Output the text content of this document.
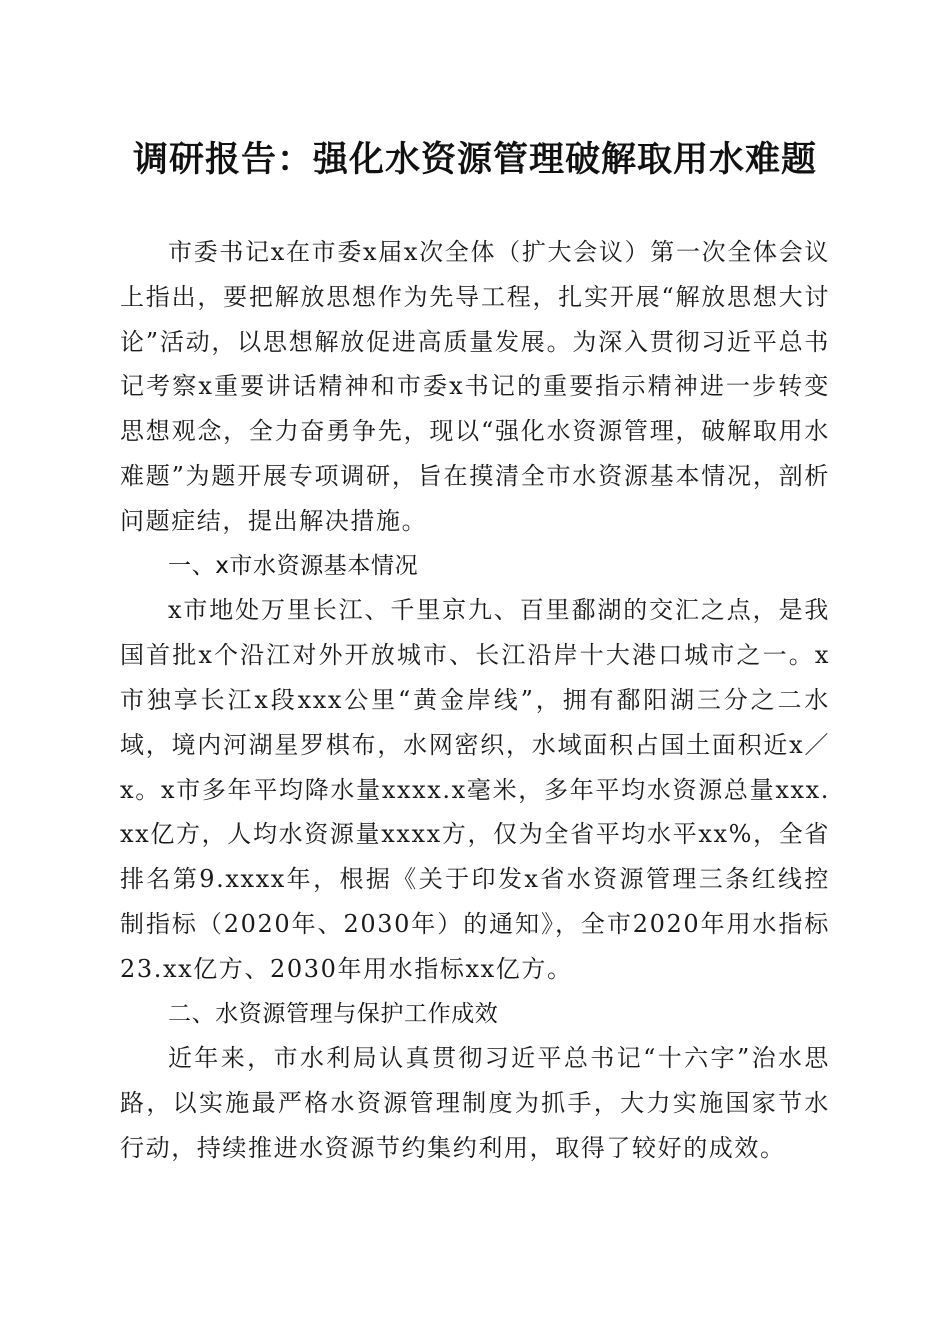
调研报告：强化水资源管理破解取用水难题

市委书记x在市委x届x次全体（扩大会议）第一次全体会议上指出，要把解放思想作为先导工程，扎实开展“解放思想大讨论”活动，以思想解放促进高质量发展。为深入贯彻习近平总书记考察x重要讲话精神和市委x书记的重要指示精神进一步转变思想观念，全力奋勇争先，现以“强化水资源管理，破解取用水难题”为题开展专项调研，旨在摸清全市水资源基本情况，剖析问题症结，提出解决措施。

一、x市水资源基本情况

x市地处万里长江、千里京九、百里鄱湖的交汇之点，是我国首批x个沿江对外开放城市、长江沿岸十大港口城市之一。x市独享长江x段xxx公里“黄金岸线”，拥有鄱阳湖三分之二水域，境内河湖星罗棋布，水网密织，水域面积占国土面积近x／x。x市多年平均降水量xxxx.x毫米，多年平均水资源总量xxx.xx亿方，人均水资源量xxxx方，仅为全省平均水平xx%，全省排名第9.xxxx年，根据《关于印发x省水资源管理三条红线控制指标（2020年、2030年）的通知》，全市2020年用水指标23.xx亿方、2030年用水指标xx亿方。

二、水资源管理与保护工作成效

近年来，市水利局认真贯彻习近平总书记“十六字”治水思路，以实施最严格水资源管理制度为抓手，大力实施国家节水行动，持续推进水资源节约集约利用，取得了较好的成效。
